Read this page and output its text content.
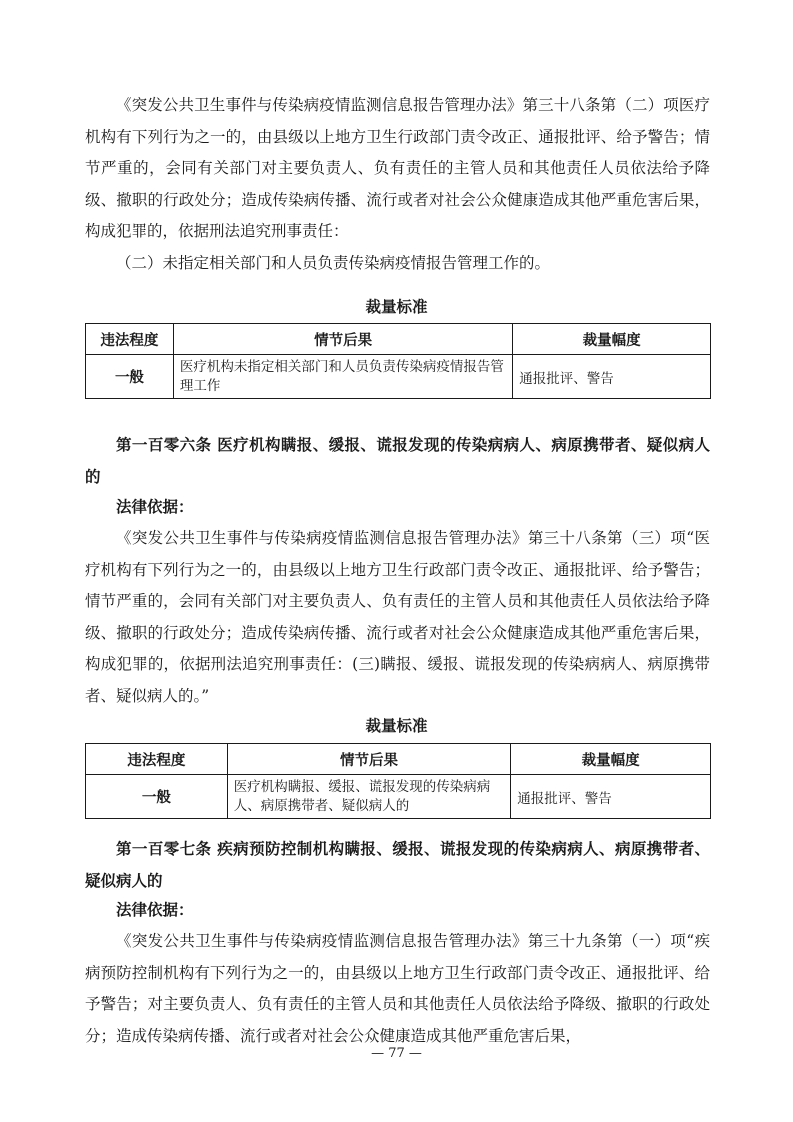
《突发公共卫生事件与传染病疫情监测信息报告管理办法》第三十八条第（二）项医疗机构有下列行为之一的，由县级以上地方卫生行政部门责令改正、通报批评、给予警告；情节严重的，会同有关部门对主要负责人、负有责任的主管人员和其他责任人员依法给予降级、撤职的行政处分；造成传染病传播、流行或者对社会公众健康造成其他严重危害后果，构成犯罪的，依据刑法追究刑事责任：

（二）未指定相关部门和人员负责传染病疫情报告管理工作的。

裁量标准

违法程度	情节后果	裁量幅度
一般	医疗机构未指定相关部门和人员负责传染病疫情报告管理工作	通报批评、警告

第一百零六条 医疗机构瞒报、缓报、谎报发现的传染病病人、病原携带者、疑似病人的

法律依据：

《突发公共卫生事件与传染病疫情监测信息报告管理办法》第三十八条第（三）项“医疗机构有下列行为之一的，由县级以上地方卫生行政部门责令改正、通报批评、给予警告；情节严重的，会同有关部门对主要负责人、负有责任的主管人员和其他责任人员依法给予降级、撤职的行政处分；造成传染病传播、流行或者对社会公众健康造成其他严重危害后果，构成犯罪的，依据刑法追究刑事责任：(三)瞒报、缓报、谎报发现的传染病病人、病原携带者、疑似病人的。”

裁量标准

违法程度	情节后果	裁量幅度
一般	医疗机构瞒报、缓报、谎报发现的传染病病人、病原携带者、疑似病人的	通报批评、警告

第一百零七条 疾病预防控制机构瞒报、缓报、谎报发现的传染病病人、病原携带者、疑似病人的

法律依据：

《突发公共卫生事件与传染病疫情监测信息报告管理办法》第三十九条第（一）项“疾病预防控制机构有下列行为之一的，由县级以上地方卫生行政部门责令改正、通报批评、给予警告；对主要负责人、负有责任的主管人员和其他责任人员依法给予降级、撤职的行政处分；造成传染病传播、流行或者对社会公众健康造成其他严重危害后果，

— 77 —
